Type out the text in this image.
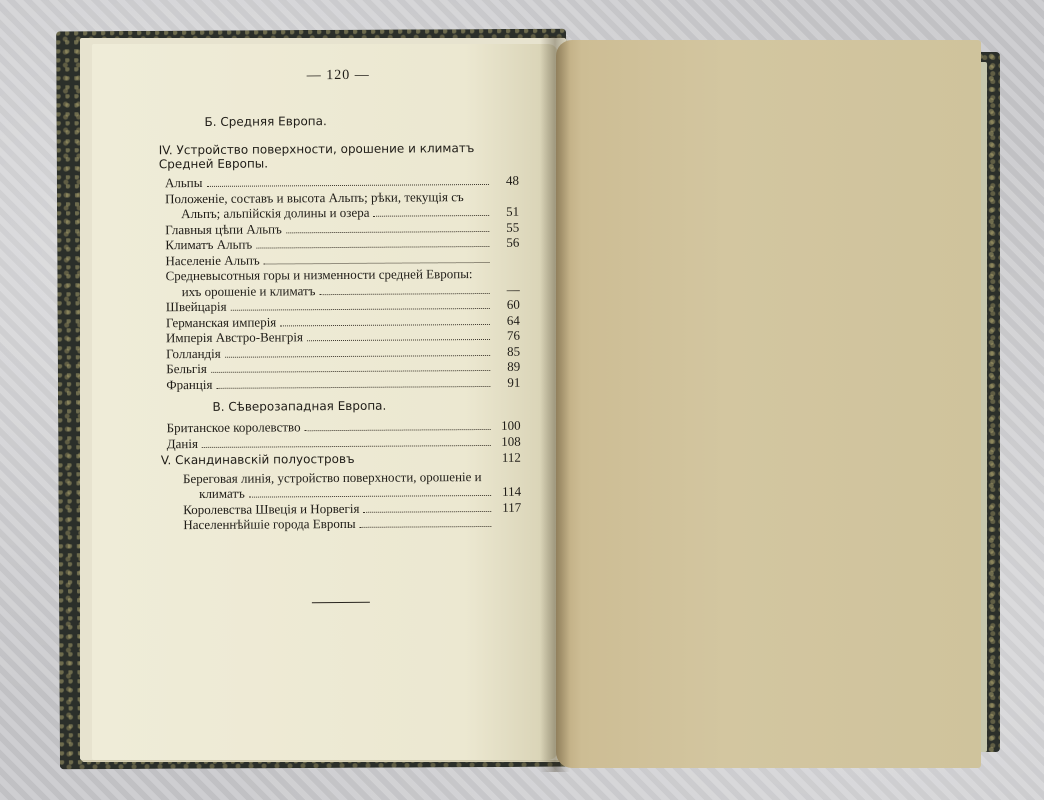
— 120 —
Б. Средняя Европа.
IV. Устройство поверхности, орошение и климатъ Средней Европы.
Альпы	48
Положеніе, составъ и высота Альпъ; рѣки, текущія съ
Альпъ; альпійскія долины и озера	51
Главныя цѣпи Альпъ	55
Климатъ Альпъ	56
Населеніе Альпъ
Средневысотныя горы и низменности средней Европы:
ихъ орошеніе и климатъ	—
Швейцарія	60
Германская имперія	64
Имперія Австро-Венгрія	76
Голландія	85
Бельгія	89
Франція	91
В. Сѣверозападная Европа.
Британское королевство	100
Данія	108
V. Скандинавскій полуостровъ	112
Береговая линія, устройство поверхности, орошеніе и
климатъ	114
Королевства Швеція и Норвегія	117
Населеннѣйшіе города Европы
